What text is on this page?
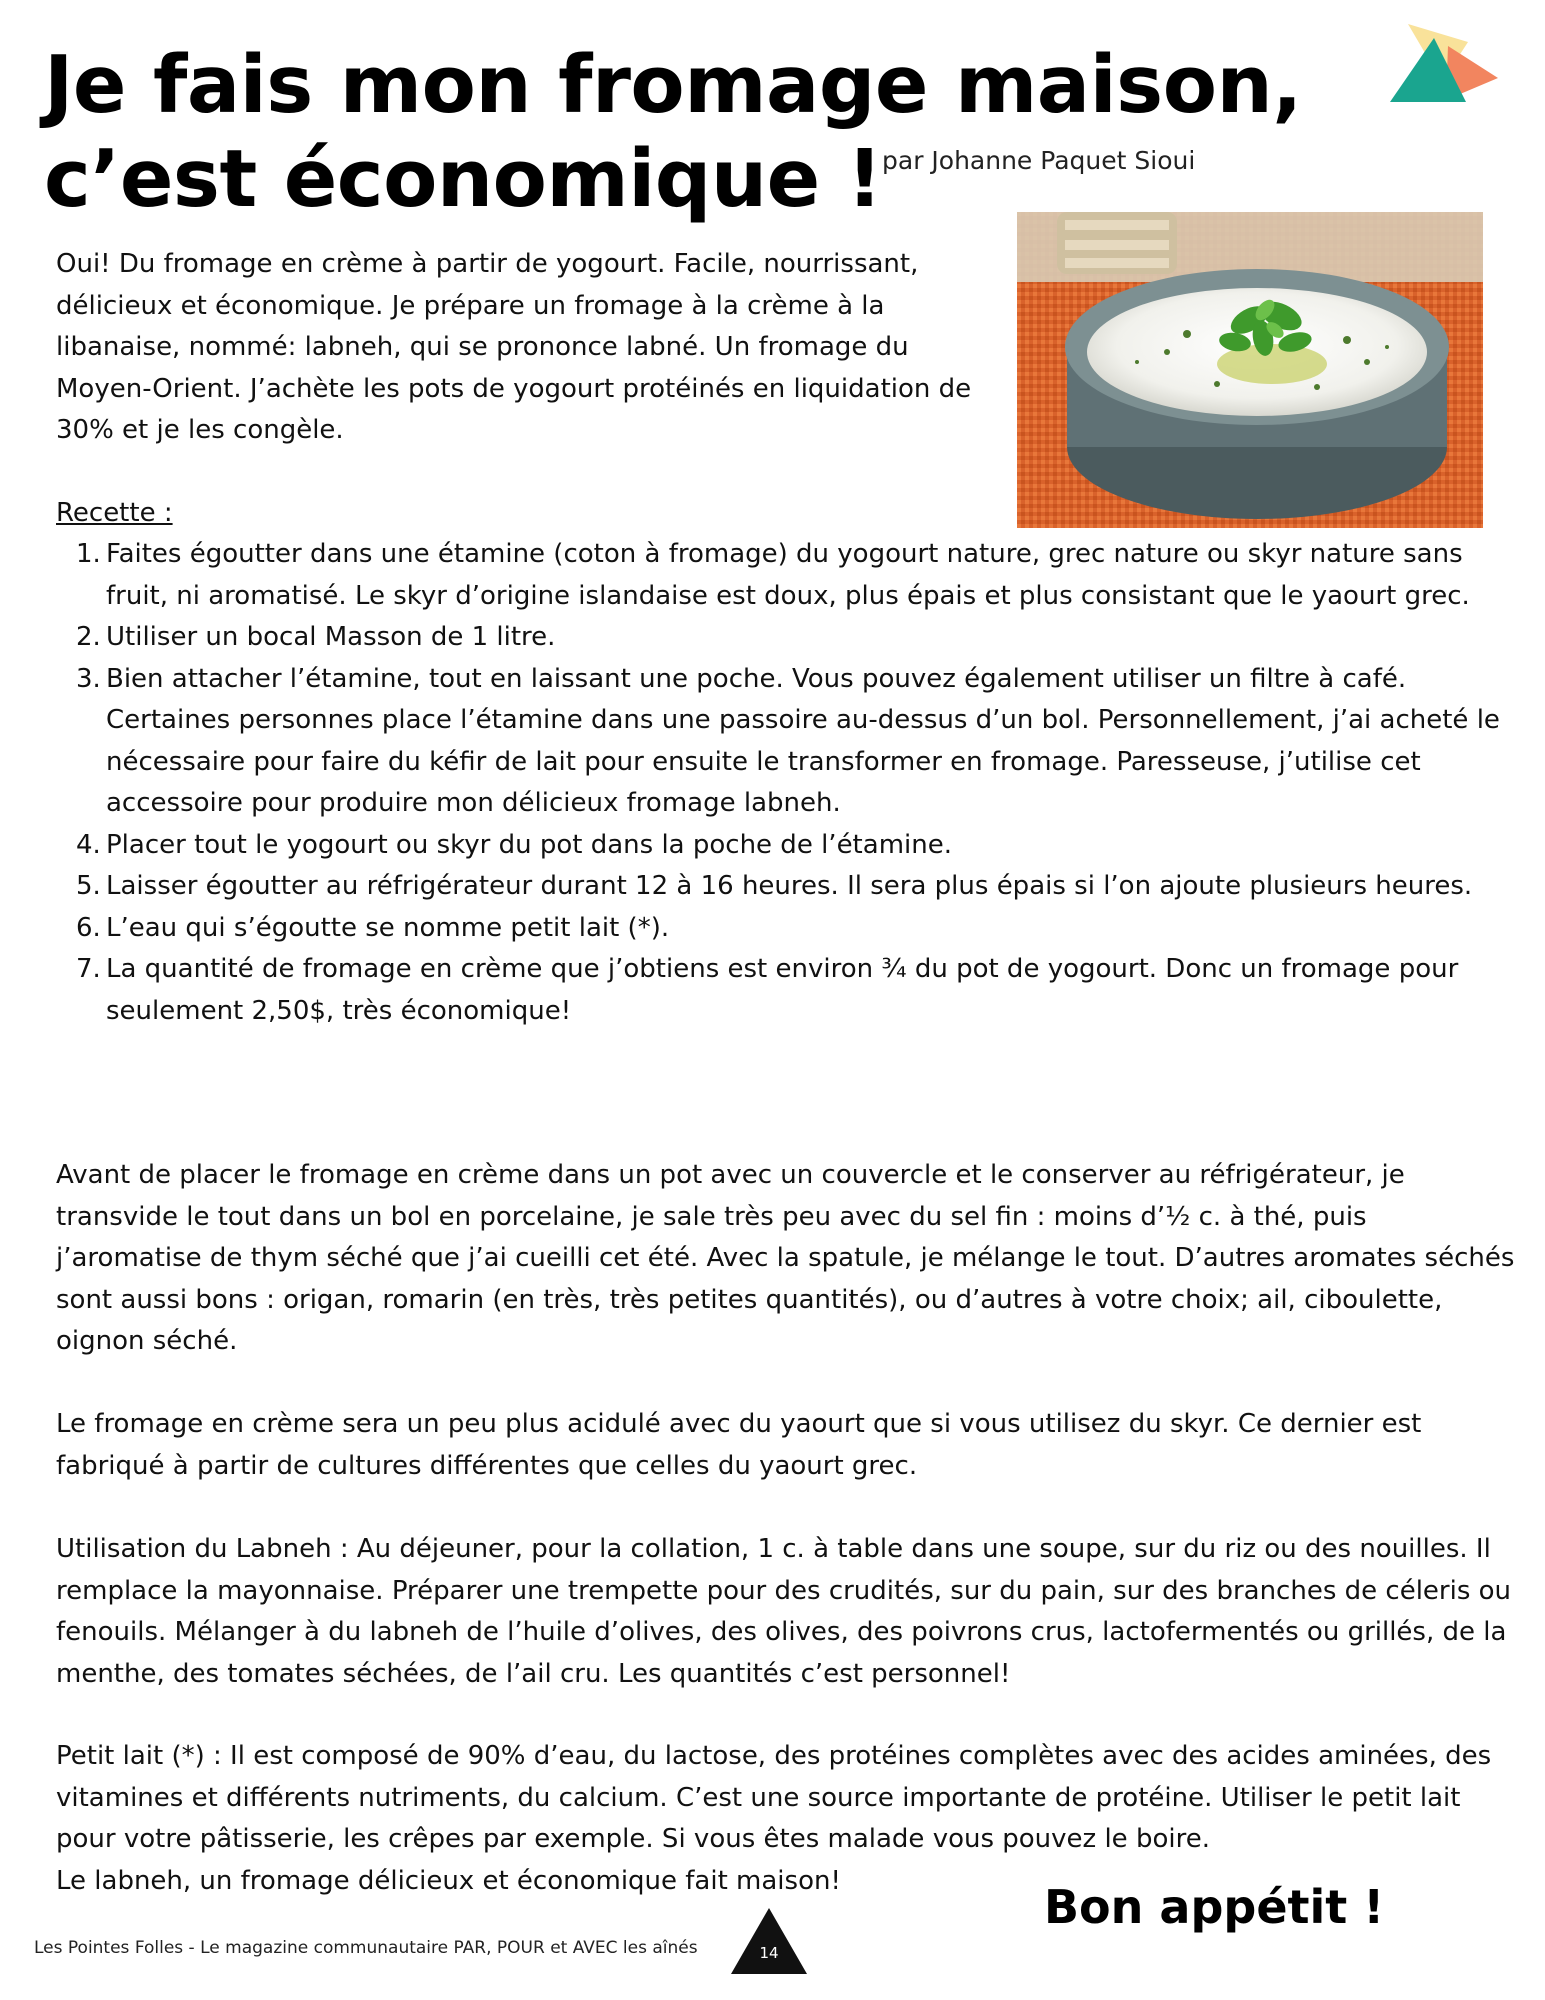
Je fais mon fromage maison,
c’est économique ! par Johanne Paquet Sioui

Oui! Du fromage en crème à partir de yogourt. Facile, nourrissant, délicieux et économique. Je prépare un fromage à la crème à la libanaise, nommé: labneh, qui se prononce labné. Un fromage du Moyen-Orient. J’achète les pots de yogourt protéinés en liquidation de 30% et je les congèle.

Recette :

1. Faites égoutter dans une étamine (coton à fromage) du yogourt nature, grec nature ou skyr nature sans fruit, ni aromatisé. Le skyr d’origine islandaise est doux, plus épais et plus consistant que le yaourt grec.
2. Utiliser un bocal Masson de 1 litre.
3. Bien attacher l’étamine, tout en laissant une poche. Vous pouvez également utiliser un filtre à café. Certaines personnes place l’étamine dans une passoire au-dessus d’un bol. Personnellement, j’ai acheté le nécessaire pour faire du kéfir de lait pour ensuite le transformer en fromage. Paresseuse, j’utilise cet accessoire pour produire mon délicieux fromage labneh.
4. Placer tout le yogourt ou skyr du pot dans la poche de l’étamine.
5. Laisser égoutter au réfrigérateur durant 12 à 16 heures. Il sera plus épais si l’on ajoute plusieurs heures.
6. L’eau qui s’égoutte se nomme petit lait (*).
7. La quantité de fromage en crème que j’obtiens est environ ¾ du pot de yogourt. Donc un fromage pour seulement 2,50$, très économique!

Avant de placer le fromage en crème dans un pot avec un couvercle et le conserver au réfrigérateur, je transvide le tout dans un bol en porcelaine, je sale très peu avec du sel fin : moins d’½ c. à thé, puis j’aromatise de thym séché que j’ai cueilli cet été. Avec la spatule, je mélange le tout. D’autres aromates séchés sont aussi bons : origan, romarin (en très, très petites quantités), ou d’autres à votre choix; ail, ciboulette, oignon séché.

Le fromage en crème sera un peu plus acidulé avec du yaourt que si vous utilisez du skyr. Ce dernier est fabriqué à partir de cultures différentes que celles du yaourt grec.

Utilisation du Labneh : Au déjeuner, pour la collation, 1 c. à table dans une soupe, sur du riz ou des nouilles. Il remplace la mayonnaise. Préparer une trempette pour des crudités, sur du pain, sur des branches de céleris ou fenouils. Mélanger à du labneh de l’huile d’olives, des olives, des poivrons crus, lactofermentés ou grillés, de la menthe, des tomates séchées, de l’ail cru. Les quantités c’est personnel!

Petit lait (*) : Il est composé de 90% d’eau, du lactose, des protéines complètes avec des acides aminées, des vitamines et différents nutriments, du calcium. C’est une source importante de protéine. Utiliser le petit lait pour votre pâtisserie, les crêpes par exemple. Si vous êtes malade vous pouvez le boire.
Le labneh, un fromage délicieux et économique fait maison!	Bon appétit !
Les Pointes Folles - Le magazine communautaire PAR, POUR et AVEC les aînés	14
